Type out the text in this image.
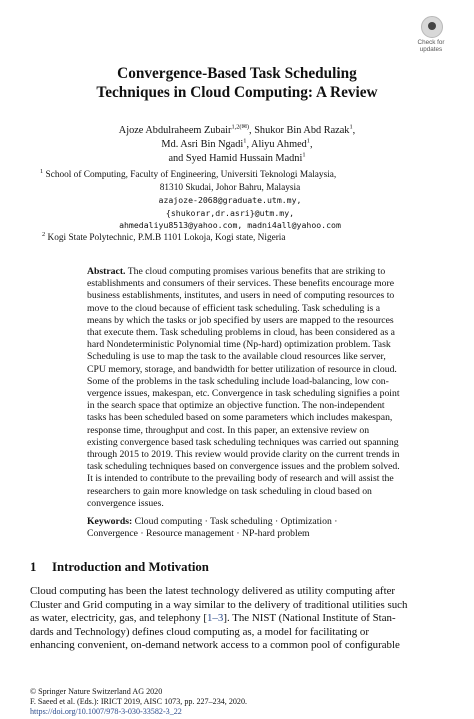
Check for
updates
Convergence-Based Task Scheduling
Techniques in Cloud Computing: A Review
Ajoze Abdulraheem Zubair$^{1,2(✉)}$, Shukor Bin Abd Razak$^1$,
Md. Asri Bin Ngadi$^1$, Aliyu Ahmed$^1$,
and Syed Hamid Hussain Madni$^1$
$^1$ School of Computing, Faculty of Engineering, Universiti Teknologi Malaysia,
81310 Skudai, Johor Bahru, Malaysia
azajoze-2068@graduate.utm.my,
{shukorar,dr.asri}@utm.my,
ahmedaliyu8513@yahoo.com, madni4all@yahoo.com
$^2$ Kogi State Polytechnic, P.M.B 1101 Lokoja, Kogi state, Nigeria
Abstract. The cloud computing promises various benefits that are striking to
establishments and consumers of their services. These benefits encourage more
business establishments, institutes, and users in need of computing resources to
move to the cloud because of efficient task scheduling. Task scheduling is a
means by which the tasks or job specified by users are mapped to the resources
that execute them. Task scheduling problems in cloud, has been considered as a
hard Nondeterministic Polynomial time (Np-hard) optimization problem. Task
Scheduling is use to map the task to the available cloud resources like server,
CPU memory, storage, and bandwidth for better utilization of resource in cloud.
Some of the problems in the task scheduling include load-balancing, low con-
vergence issues, makespan, etc. Convergence in task scheduling signifies a point
in the search space that optimize an objective function. The non-independent
tasks has been scheduled based on some parameters which includes makespan,
response time, throughput and cost. In this paper, an extensive review on
existing convergence based task scheduling techniques was carried out spanning
through 2015 to 2019. This review would provide clarity on the current trends in
task scheduling techniques based on convergence issues and the problem solved.
It is intended to contribute to the prevailing body of research and will assist the
researchers to gain more knowledge on task scheduling in cloud based on
convergence issues.
Keywords: Cloud computing · Task scheduling · Optimization ·
Convergence · Resource management · NP-hard problem
1 Introduction and Motivation
Cloud computing has been the latest technology delivered as utility computing after
Cluster and Grid computing in a way similar to the delivery of traditional utilities such
as water, electricity, gas, and telephony [1–3]. The NIST (National Institute of Stan-
dards and Technology) defines cloud computing as, a model for facilitating or
enhancing convenient, on-demand network access to a common pool of configurable
© Springer Nature Switzerland AG 2020
F. Saeed et al. (Eds.): IRICT 2019, AISC 1073, pp. 227–234, 2020.
https://doi.org/10.1007/978-3-030-33582-3_22
